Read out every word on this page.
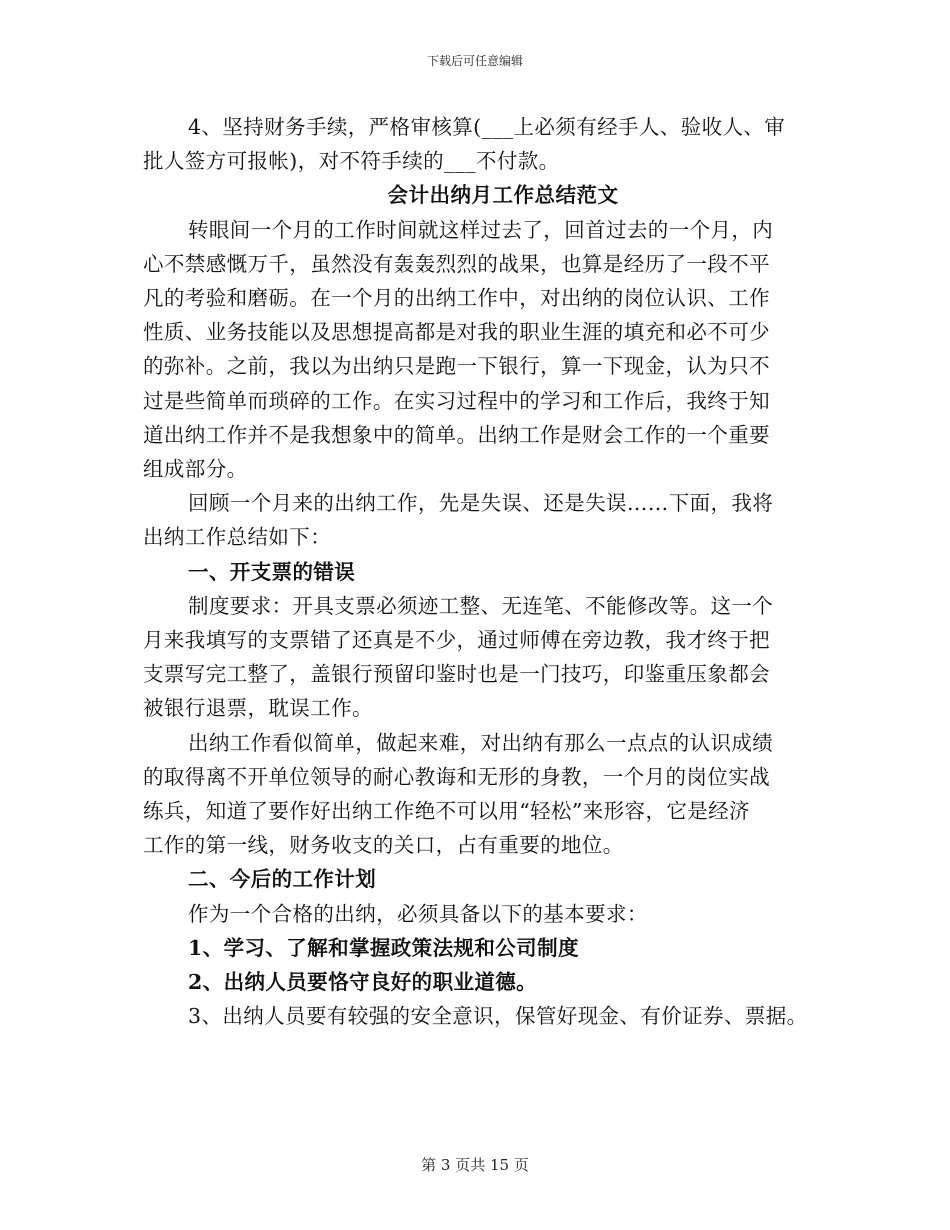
下载后可任意编辑
4、坚持财务手续，严格审核算(___上必须有经手人、验收人、审
批人签方可报帐)，对不符手续的___不付款。
会计出纳月工作总结范文
转眼间一个月的工作时间就这样过去了，回首过去的一个月，内
心不禁感慨万千，虽然没有轰轰烈烈的战果，也算是经历了一段不平
凡的考验和磨砺。在一个月的出纳工作中，对出纳的岗位认识、工作
性质、业务技能以及思想提高都是对我的职业生涯的填充和必不可少
的弥补。之前，我以为出纳只是跑一下银行，算一下现金，认为只不
过是些简单而琐碎的工作。在实习过程中的学习和工作后，我终于知
道出纳工作并不是我想象中的简单。出纳工作是财会工作的一个重要
组成部分。
回顾一个月来的出纳工作，先是失误、还是失误……下面，我将
出纳工作总结如下：
一、开支票的错误
制度要求：开具支票必须迹工整、无连笔、不能修改等。这一个
月来我填写的支票错了还真是不少，通过师傅在旁边教，我才终于把
支票写完工整了，盖银行预留印鉴时也是一门技巧，印鉴重压象都会
被银行退票，耽误工作。
出纳工作看似简单，做起来难，对出纳有那么一点点的认识成绩
的取得离不开单位领导的耐心教诲和无形的身教，一个月的岗位实战
练兵，知道了要作好出纳工作绝不可以用“轻松”来形容，它是经济
工作的第一线，财务收支的关口，占有重要的地位。
二、今后的工作计划
作为一个合格的出纳，必须具备以下的基本要求：
1、学习、了解和掌握政策法规和公司制度
2、出纳人员要恪守良好的职业道德。
3、出纳人员要有较强的安全意识，保管好现金、有价证券、票据。
第 3 页共 15 页
